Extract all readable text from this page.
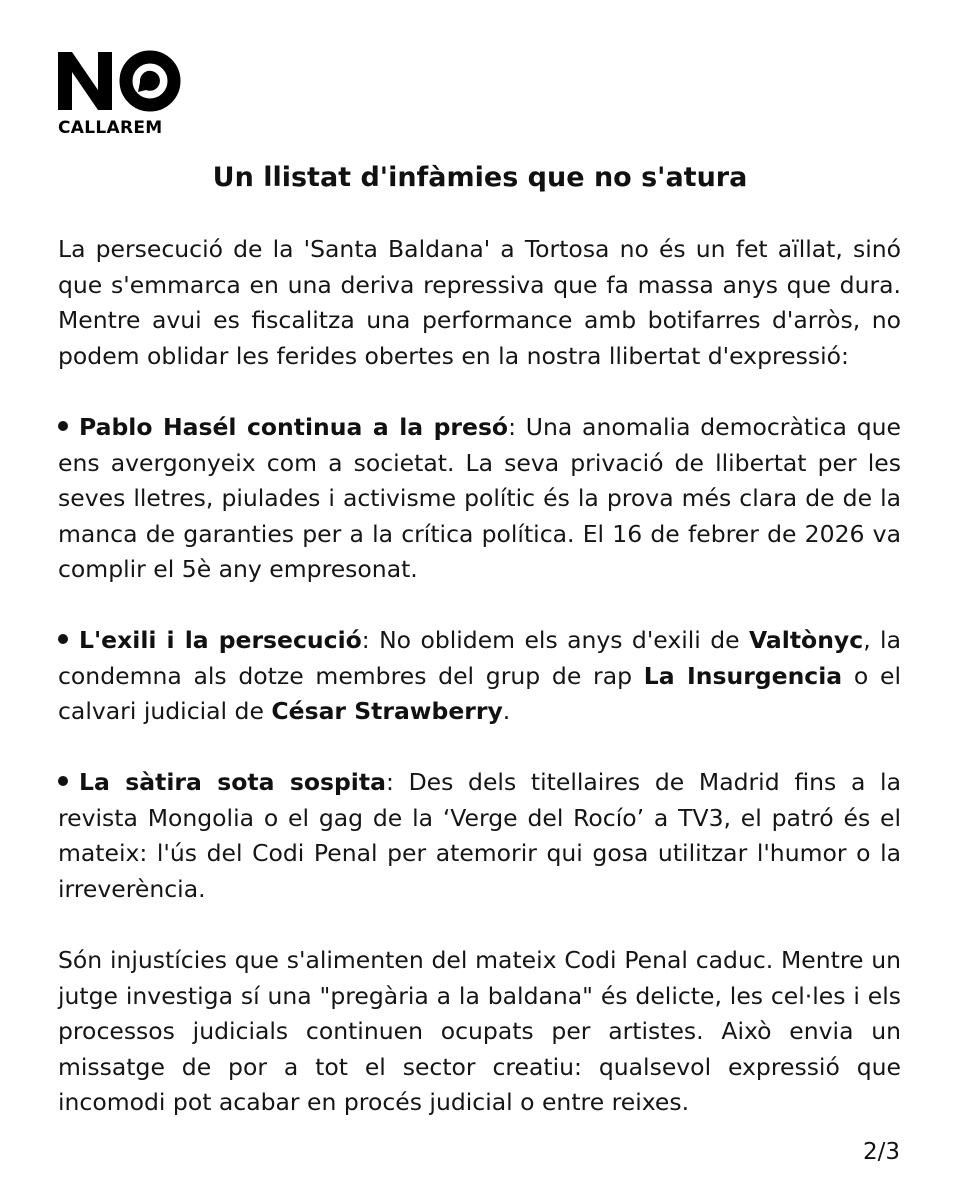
CALLAREM
Un llistat d'infàmies que no s'atura

La persecució de la 'Santa Baldana' a Tortosa no és un fet aïllat, sinó que s'emmarca en una deriva repressiva que fa massa anys que dura. Mentre avui es fiscalitza una performance amb botifarres d'arròs, no podem oblidar les ferides obertes en la nostra llibertat d'expressió:

Pablo Hasél continua a la presó: Una anomalia democràtica que ens avergonyeix com a societat. La seva privació de llibertat per les seves lletres, piulades i activisme polític és la prova més clara de de la manca de garanties per a la crítica política. El 16 de febrer de 2026 va complir el 5è any empresonat.

L'exili i la persecució: No oblidem els anys d'exili de Valtònyc, la condemna als dotze membres del grup de rap La Insurgencia o el calvari judicial de César Strawberry.

La sàtira sota sospita: Des dels titellaires de Madrid fins a la revista Mongolia o el gag de la ‘Verge del Rocío’ a TV3, el patró és el mateix: l'ús del Codi Penal per atemorir qui gosa utilitzar l'humor o la irreverència.

Són injustícies que s'alimenten del mateix Codi Penal caduc. Mentre un jutge investiga sí una "pregària a la baldana" és delicte, les cel·les i els processos judicials continuen ocupats per artistes. Això envia un missatge de por a tot el sector creatiu: qualsevol expressió que incomodi pot acabar en procés judicial o entre reixes.

2/3
